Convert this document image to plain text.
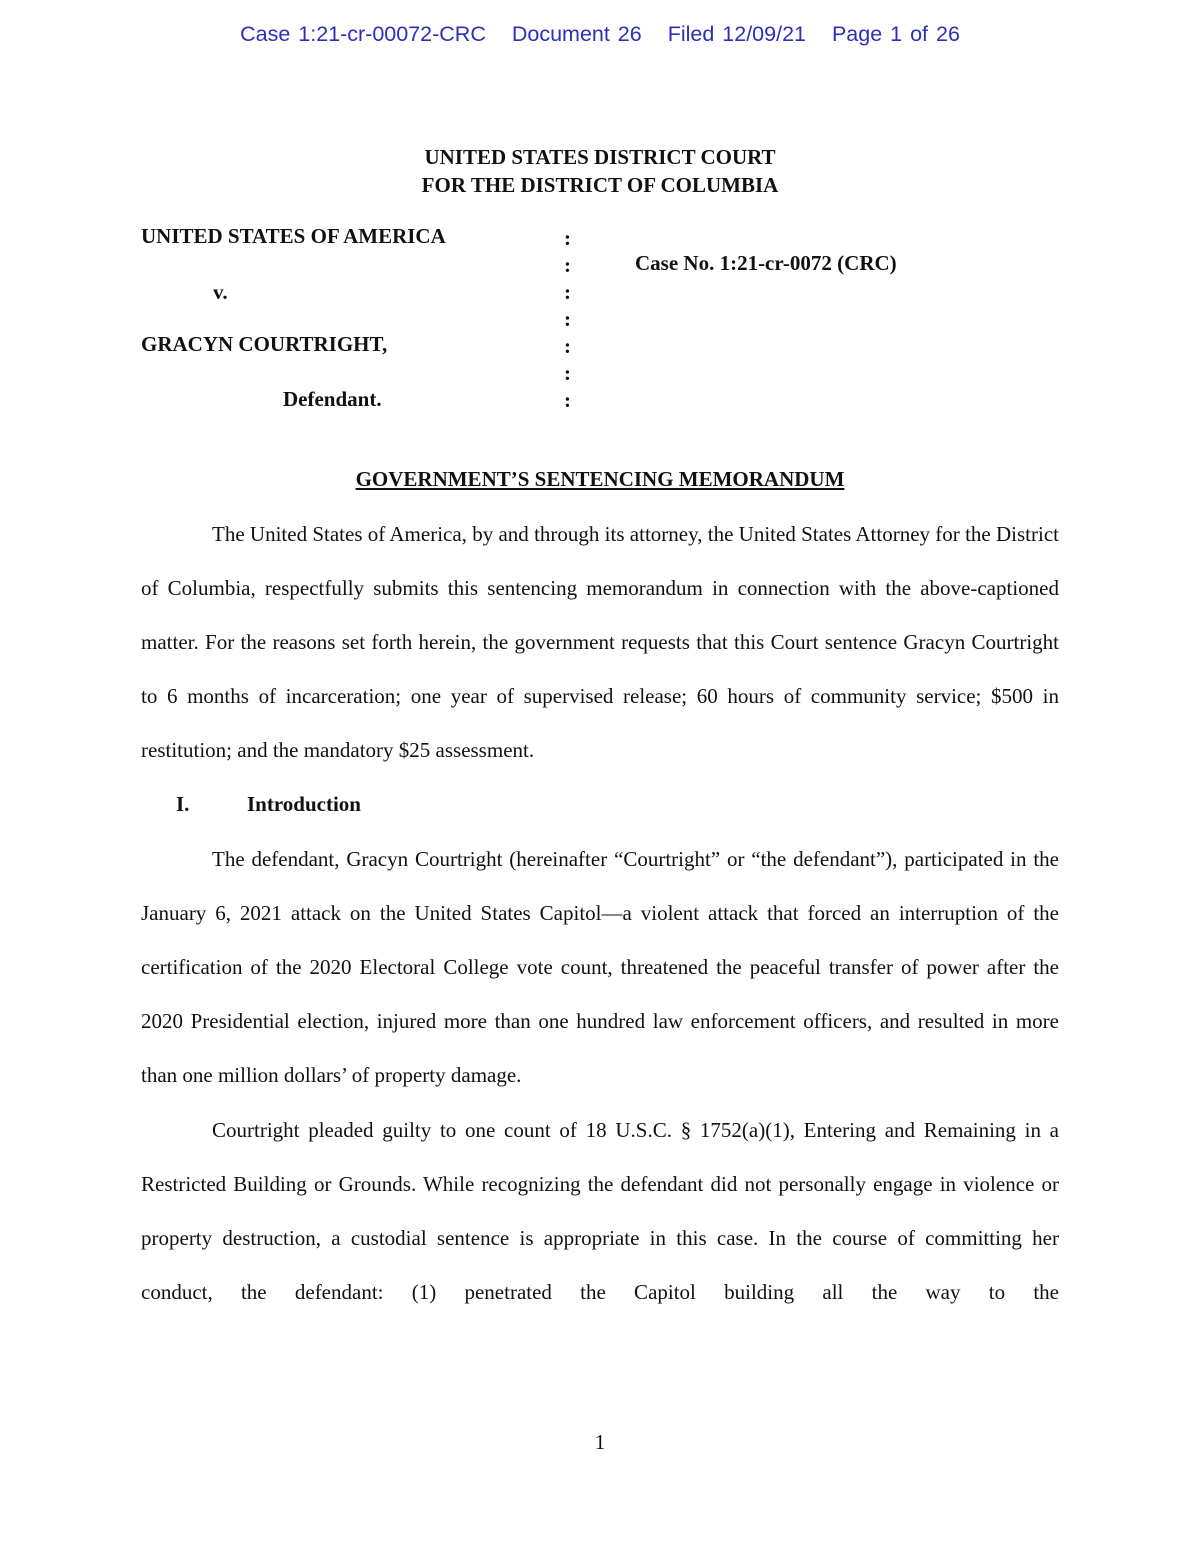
Case 1:21-cr-00072-CRC Document 26 Filed 12/09/21 Page 1 of 26
UNITED STATES DISTRICT COURT
FOR THE DISTRICT OF COLUMBIA
UNITED STATES OF AMERICA
v.
GRACYN COURTRIGHT,
Defendant.
:
:
:
:
:
:
:
Case No. 1:21-cr-0072 (CRC)
GOVERNMENT’S SENTENCING MEMORANDUM

The United States of America, by and through its attorney, the United States Attorney for the District of Columbia, respectfully submits this sentencing memorandum in connection with the above-captioned matter. For the reasons set forth herein, the government requests that this Court sentence Gracyn Courtright to 6 months of incarceration; one year of supervised release; 60 hours of community service; $500 in restitution; and the mandatory $25 assessment.

I.	Introduction

The defendant, Gracyn Courtright (hereinafter “Courtright” or “the defendant”), participated in the January 6, 2021 attack on the United States Capitol—a violent attack that forced an interruption of the certification of the 2020 Electoral College vote count, threatened the peaceful transfer of power after the 2020 Presidential election, injured more than one hundred law enforcement officers, and resulted in more than one million dollars’ of property damage.

Courtright pleaded guilty to one count of 18 U.S.C. § 1752(a)(1), Entering and Remaining in a Restricted Building or Grounds. While recognizing the defendant did not personally engage in violence or property destruction, a custodial sentence is appropriate in this case. In the course of committing her conduct, the defendant: (1) penetrated the Capitol building all the way to the

1
